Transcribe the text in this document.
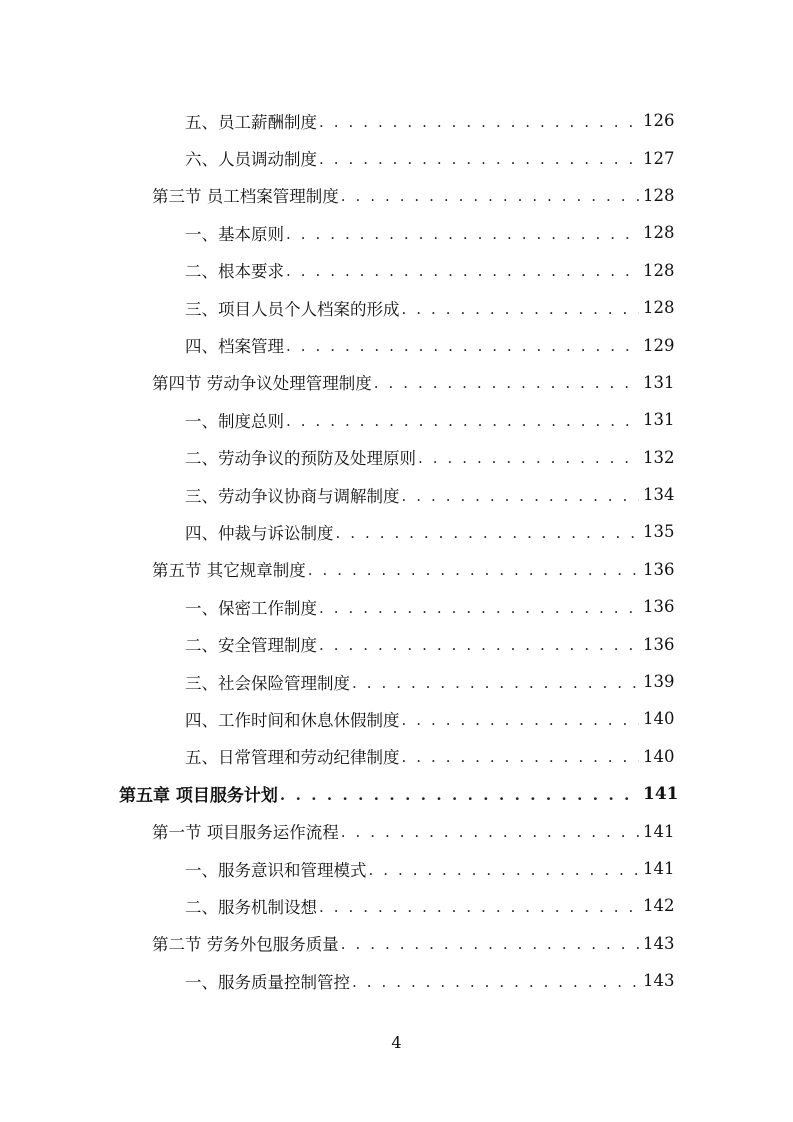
五、员工薪酬制度 . . .	126
六、人员调动制度 . . .	127
第三节 员工档案管理制度 . . .	128
一、基本原则 . . .	128
二、根本要求 . . .	128
三、项目人员个人档案的形成 . . .	128
四、档案管理 . . .	129
第四节 劳动争议处理管理制度 . . .	131
一、制度总则 . . .	131
二、劳动争议的预防及处理原则 . . .	132
三、劳动争议协商与调解制度 . . .	134
四、仲裁与诉讼制度 . . .	135
第五节 其它规章制度 . . .	136
一、保密工作制度 . . .	136
二、安全管理制度 . . .	136
三、社会保险管理制度 . . .	139
四、工作时间和休息休假制度 . . .	140
五、日常管理和劳动纪律制度 . . .	140
第五章 项目服务计划 . . .	141
第一节 项目服务运作流程 . . .	141
一、服务意识和管理模式 . . .	141
二、服务机制设想 . . .	142
第二节 劳务外包服务质量 . . .	143
一、服务质量控制管控 . . .	143
4
